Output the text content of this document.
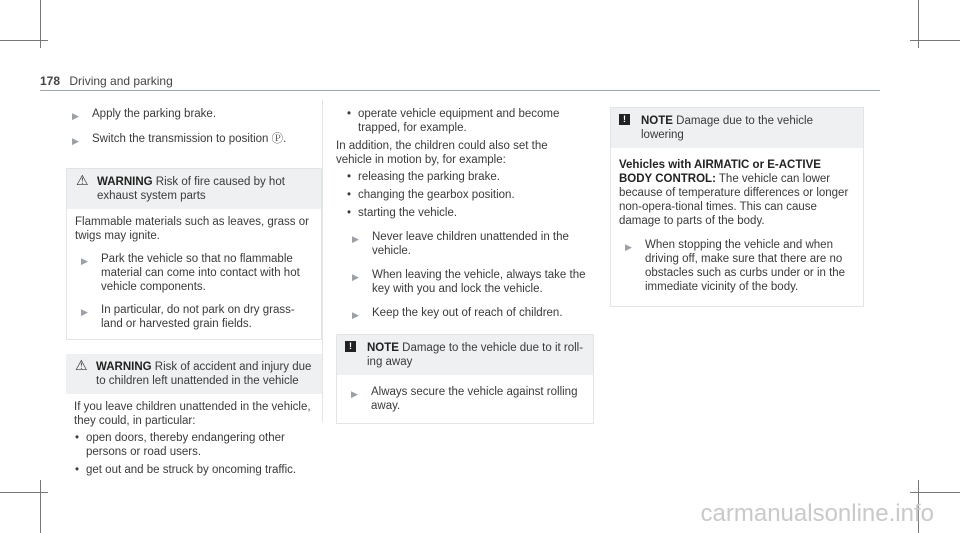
178 Driving and parking
▶ Apply the parking brake.
▶ Switch the transmission to position Ⓟ.
⚠ WARNING Risk of fire caused by hot exhaust system parts

Flammable materials such as leaves, grass or twigs may ignite.

▶ Park the vehicle so that no flammable material can come into contact with hot vehicle components.
▶ In particular, do not park on dry grass-land or harvested grain fields.
⚠ WARNING Risk of accident and injury due to children left unattended in the vehicle

If you leave children unattended in the vehicle, they could, in particular:

• open doors, thereby endangering other persons or road users.
• get out and be struck by oncoming traffic.
• operate vehicle equipment and become trapped, for example.

In addition, the children could also set the vehicle in motion by, for example:

• releasing the parking brake.
• changing the gearbox position.
• starting the vehicle.
▶ Never leave children unattended in the vehicle.
▶ When leaving the vehicle, always take the key with you and lock the vehicle.
▶ Keep the key out of reach of children.
!	NOTE Damage to the vehicle due to it roll-ing away
▶ Always secure the vehicle against rolling away.
!	NOTE Damage due to the vehicle lowering

Vehicles with AIRMATIC or E-ACTIVE BODY CONTROL: The vehicle can lower because of temperature differences or longer non-opera-tional times. This can cause damage to parts of the body.

▶ When stopping the vehicle and when driving off, make sure that there are no obstacles such as curbs under or in the immediate vicinity of the body.
carmanualsonline.info
